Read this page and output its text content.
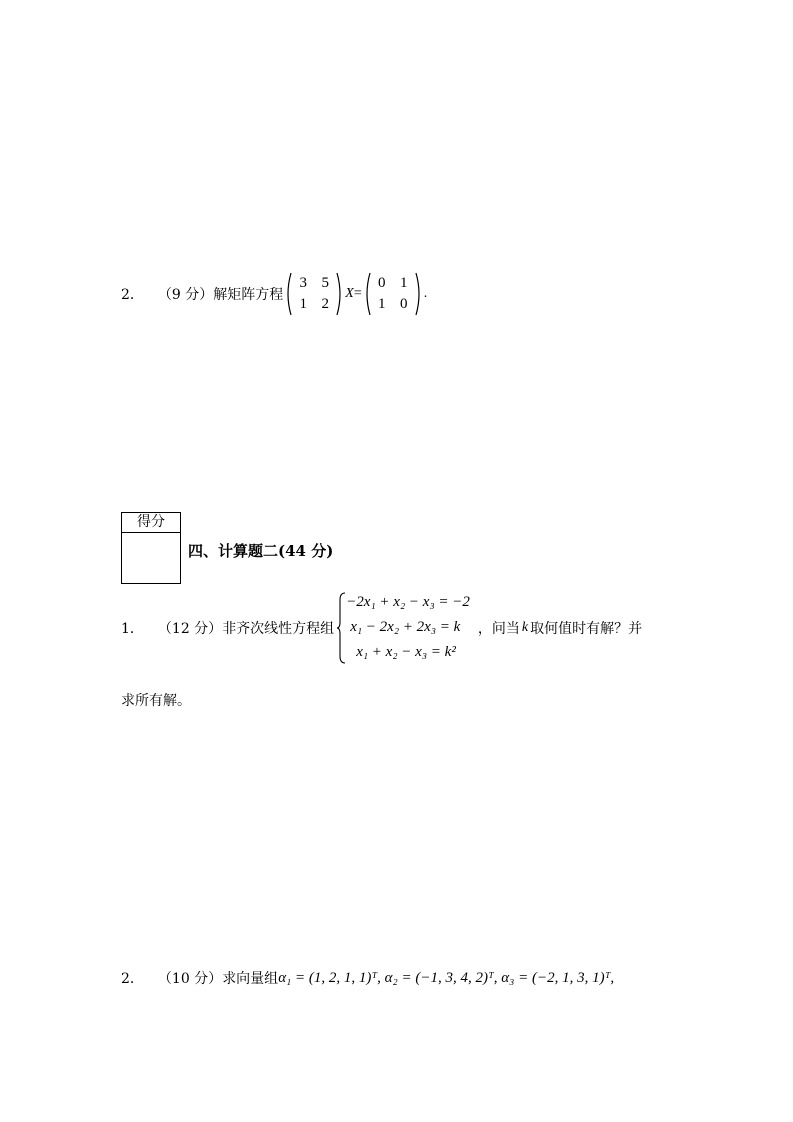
2． （9 分） 解矩阵方程
3 5
1 2
X =
0 1
1 0
.
得分
四、计算题二(44 分)
1． （12 分） 非齐次线性方程组
−2x₁ + x₂ − x₃ = −2
x₁ − 2x₂ + 2x₃ = k
x₁ + x₂ − x₃ = k²
，问当 k 取何值时有解？并
求所有解。
2． （10 分） 求向量组 α₁ = (1, 2, 1, 1)ᵀ, α₂ = (−1, 3, 4, 2)ᵀ, α₃ = (−2, 1, 3, 1)ᵀ,
